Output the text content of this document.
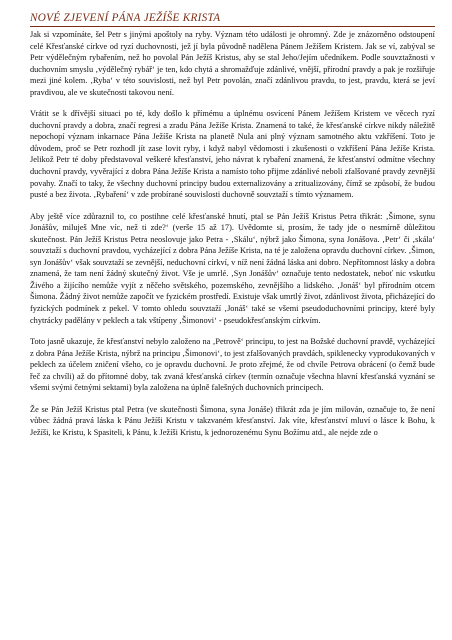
NOVÉ ZJEVENÍ PÁNA JEŽÍŠE KRISTA

Jak si vzpomínáte, šel Petr s jinými apoštoly na ryby. Význam této události je ohromný. Zde je znázorněno odstoupení celé Křesťanské církve od ryzí duchovnosti, jež jí byla původně nadělena Pánem Ježíšem Kristem. Jak se ví, zabýval se Petr výdělečným rybařením, než ho povolal Pán Ježíš Kristus, aby se stal Jeho/Jejím učedníkem. Podle souvztažnosti v duchovním smyslu ‚výdělečný rybář‘ je ten, kdo chytá a shromažďuje zdánlivé, vnější, přírodní pravdy a pak je rozšiřuje mezi jiné kolem. ‚Ryba‘ v této souvislosti, než byl Petr povolán, značí zdánlivou pravdu, to jest, pravdu, která se jeví pravdivou, ale ve skutečnosti takovou není.

Vrátit se k dřívější situaci po té, kdy došlo k přímému a úplnému osvícení Pánem Ježíšem Kristem ve věcech ryzí duchovní pravdy a dobra, značí regresi a zradu Pána Ježíše Krista. Znamená to také, že křesťanské církve nikdy náležitě nepochopí význam inkarnace Pána Ježíše Krista na planetě Nula ani plný význam samotného aktu vzkříšení. Toto je důvodem, proč se Petr rozhodl jít zase lovit ryby, i když nabyl vědomosti i zkušenosti o vzkříšení Pána Ježíše Krista. Jelikož Petr té doby představoval veškeré křesťanství, jeho návrat k rybaření znamená, že křesťanství odmítne všechny duchovní pravdy, vyvěrající z dobra Pána Ježíše Krista a namísto toho přijme zdánlivé neboli zfalšované pravdy zevnější povahy. Značí to taky, že všechny duchovní principy budou externalizovány a zritualizovány, čímž se způsobí, že budou pusté a bez života. ‚Rybaření‘ v zde probírané souvislosti duchovně souvztaží s tímto významem.

Aby ještě více zdůraznil to, co postihne celé křesťanské hnutí, ptal se Pán Ježíš Kristus Petra třikrát: ‚Šimone, synu Jonášův, miluješ Mne víc, než ti zde?‘ (verše 15 až 17). Uvědomte si, prosím, že tady jde o nesmírně důležitou skutečnost. Pán Ježíš Kristus Petra neoslovuje jako Petra - ‚Skálu‘, nýbrž jako Šimona, syna Jonášova. ‚Petr‘ či ‚skála‘ souvztaží s duchovní pravdou, vycházející z dobra Pána Ježíše Krista, na té je založena opravdu duchovní církev. ‚Šimon, syn Jonášův‘ však souvztaží se zevnější, neduchovní církví, v níž není žádná láska ani dobro. Nepřítomnost lásky a dobra znamená, že tam není žádný skutečný život. Vše je umrlé. ‚Syn Jonášův‘ označuje tento nedostatek, neboť nic vskutku Živého a žijícího nemůže vyjít z něčeho světského, pozemského, zevnějšího a lidského. ‚Jonáš‘ byl přírodním otcem Šimona. Žádný život nemůže započít ve fyzickém prostředí. Existuje však umrtlý život, zdánlivost života, přicházející do fyzických podmínek z pekel. V tomto ohledu souvztaží ‚Jonáš‘ také se všemi pseudoduchovními principy, které byly chytrácky padělány v peklech a tak vštípeny ‚Šimonovi‘ - pseudokřesťanským církvím.

Toto jasně ukazuje, že křesťanství nebylo založeno na ‚Petrově‘ principu, to jest na Božské duchovní pravdě, vycházející z dobra Pána Ježíše Krista, nýbrž na principu ‚Šimonovi‘, to jest zfalšovaných pravdách, spiklenecky vyprodukovaných v peklech za účelem zničení všeho, co je opravdu duchovní. Je proto zřejmé, že od chvíle Petrova obrácení (o čemž bude řeč za chvíli) až do přítomné doby, tak zvaná křesťanská církev (termín označuje všechna hlavní křesťanská vyznání se všemi svými četnými sektami) byla založena na úplně falešných duchovních principech.

Že se Pán Ježíš Kristus ptal Petra (ve skutečnosti Šimona, syna Jonáše) třikrát zda je jím milován, označuje to, že není vůbec žádná pravá láska k Pánu Ježíši Kristu v takzvaném křesťanství. Jak víte, křesťanství mluví o lásce k Bohu, k Ježíši, ke Kristu, k Spasiteli, k Pánu, k Ježíši Kristu, k jednorozenému Synu Božímu atd., ale nejde zde o
